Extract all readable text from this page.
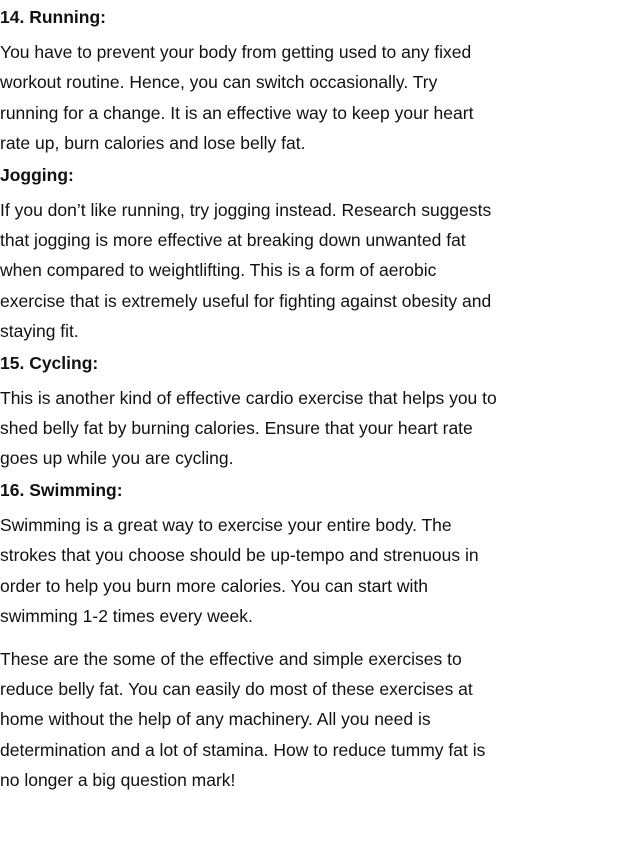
14. Running:

You have to prevent your body from getting used to any fixed workout routine. Hence, you can switch occasionally. Try running for a change. It is an effective way to keep your heart rate up, burn calories and lose belly fat.

Jogging:

If you don’t like running, try jogging instead. Research suggests that jogging is more effective at breaking down unwanted fat when compared to weightlifting. This is a form of aerobic exercise that is extremely useful for fighting against obesity and staying fit.

15. Cycling:

This is another kind of effective cardio exercise that helps you to shed belly fat by burning calories. Ensure that your heart rate goes up while you are cycling.

16. Swimming:

Swimming is a great way to exercise your entire body. The strokes that you choose should be up-tempo and strenuous in order to help you burn more calories. You can start with swimming 1-2 times every week.

These are the some of the effective and simple exercises to reduce belly fat. You can easily do most of these exercises at home without the help of any machinery. All you need is determination and a lot of stamina. How to reduce tummy fat is no longer a big question mark!
